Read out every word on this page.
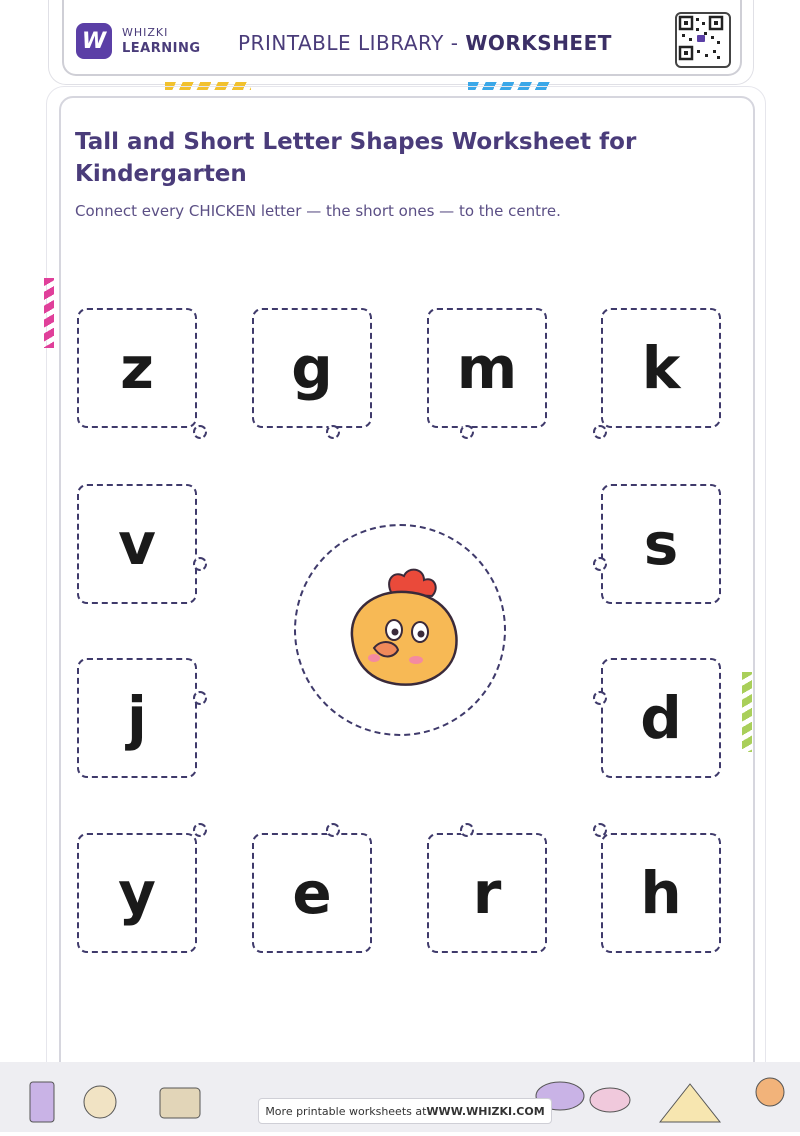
W WHIZKI
LEARNING PRINTABLE LIBRARY - WORKSHEET
Tall and Short Letter Shapes Worksheet for Kindergarten
Connect every CHICKEN letter — the short ones — to the centre.
z g m k
v	s
j	d
y e r h
More printable worksheets at WWW.WHIZKI.COM
